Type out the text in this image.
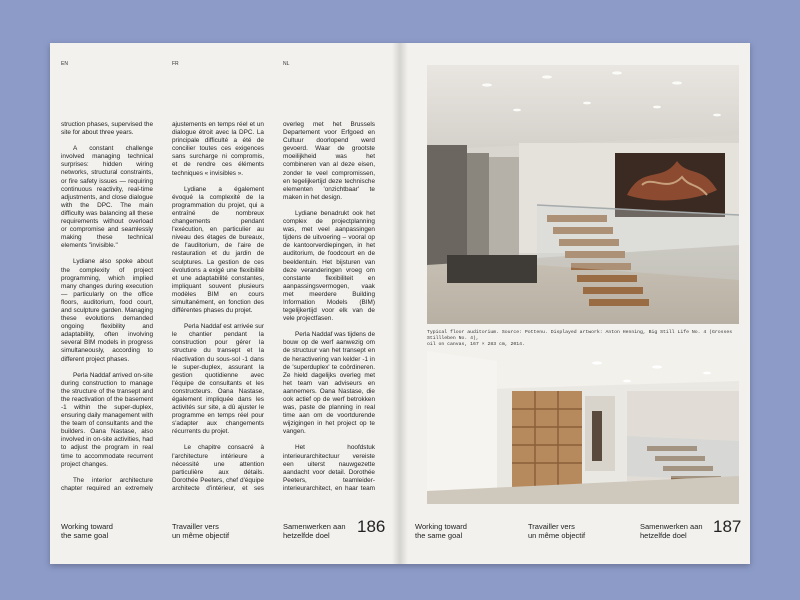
EN	FR	NL

struction phases, supervised the site for about three years.

A constant challenge involved managing technical surprises: hidden wiring networks, structural constraints, or fire safety issues — requiring continuous reactivity, real-time adjustments, and close dialogue with the DPC. The main difficulty was balancing all these requirements without overload or compromise and seamlessly making these technical elements "invisible."

Lydiane also spoke about the complexity of project programming, which implied many changes during execution — particularly on the office floors, auditorium, food court, and sculpture garden. Managing these evolutions demanded ongoing flexibility and adaptability, often involving several BIM models in progress simultaneously, according to different project phases.

Perla Naddaf arrived on-site during construction to manage the structure of the transept and the reactivation of the basement -1 within the super-duplex, ensuring daily management with the team of consultants and the builders. Oana Nastase, also involved in on-site activities, had to adjust the program in real time to accommodate recurrent project changes.

The interior architecture chapter required an extremely

ajustements en temps réel et un dialogue étroit avec la DPC. La principale difficulté a été de concilier toutes ces exigences sans surcharge ni compromis, et de rendre ces éléments techniques « invisibles ».

Lydiane a également évoqué la complexité de la programmation du projet, qui a entraîné de nombreux changements pendant l'exécution, en particulier au niveau des étages de bureaux, de l'auditorium, de l'aire de restauration et du jardin de sculptures. La gestion de ces évolutions a exigé une flexibilité et une adaptabilité constantes, impliquant souvent plusieurs modèles BIM en cours simultanément, en fonction des différentes phases du projet.

Perla Naddaf est arrivée sur le chantier pendant la construction pour gérer la structure du transept et la réactivation du sous-sol -1 dans le super-duplex, assurant la gestion quotidienne avec l'équipe de consultants et les constructeurs. Oana Nastase, également impliquée dans les activités sur site, a dû ajuster le programme en temps réel pour s'adapter aux changements récurrents du projet.

Le chapitre consacré à l'architecture intérieure a nécessité une attention particulière aux détails. Dorothée Peeters, chef d'équipe architecte d'intérieur, et ses

overleg met het Brussels Departement voor Erfgoed en Cultuur doorlopend werd gevoerd. Waar de grootste moeilijkheid was het combineren van al deze eisen, zonder te veel compromissen, en tegelijkertijd deze technische elementen 'onzichtbaar' te maken in het design.

Lydiane benadrukt ook het complex de projectplanning was, met veel aanpassingen tijdens de uitvoering – vooral op de kantoorverdiepingen, in het auditorium, de foodcourt en de beeldentuin. Het bijsturen van deze veranderingen vroeg om constante flexibiliteit en aanpassingsvermogen, vaak met meerdere Building Information Models (BIM) tegelijkertijd voor elk van de vele projectfasen.

Perla Naddaf was tijdens de bouw op de werf aanwezig om de structuur van het transept en de heractivering van kelder -1 in de 'superduplex' te coördineren. Ze hield dagelijks overleg met het team van adviseurs en aannemers. Oana Nastase, die ook actief op de werf betrokken was, paste de planning in real time aan om de voortdurende wijzigingen in het project op te vangen.

Het hoofdstuk interieurarchitectuur vereiste een uiterst nauwgezette aandacht voor detail. Dorothée Peeters, teamleider-interieurarchitect, en haar team

Working toward
the same goal
Travailler vers
un même objectif
Samenwerken aan
hetzelfde doel	186
Typical floor auditorium. Source: Pottenu. Displayed artwork: Anton Henning, Big Still Life No. 4 (Grosses Stillleben No. 4),
oil on canvas, 167 × 283 cm, 2014.
Working toward
the same goal
Travailler vers
un même objectif
Samenwerken aan
hetzelfde doel	187
